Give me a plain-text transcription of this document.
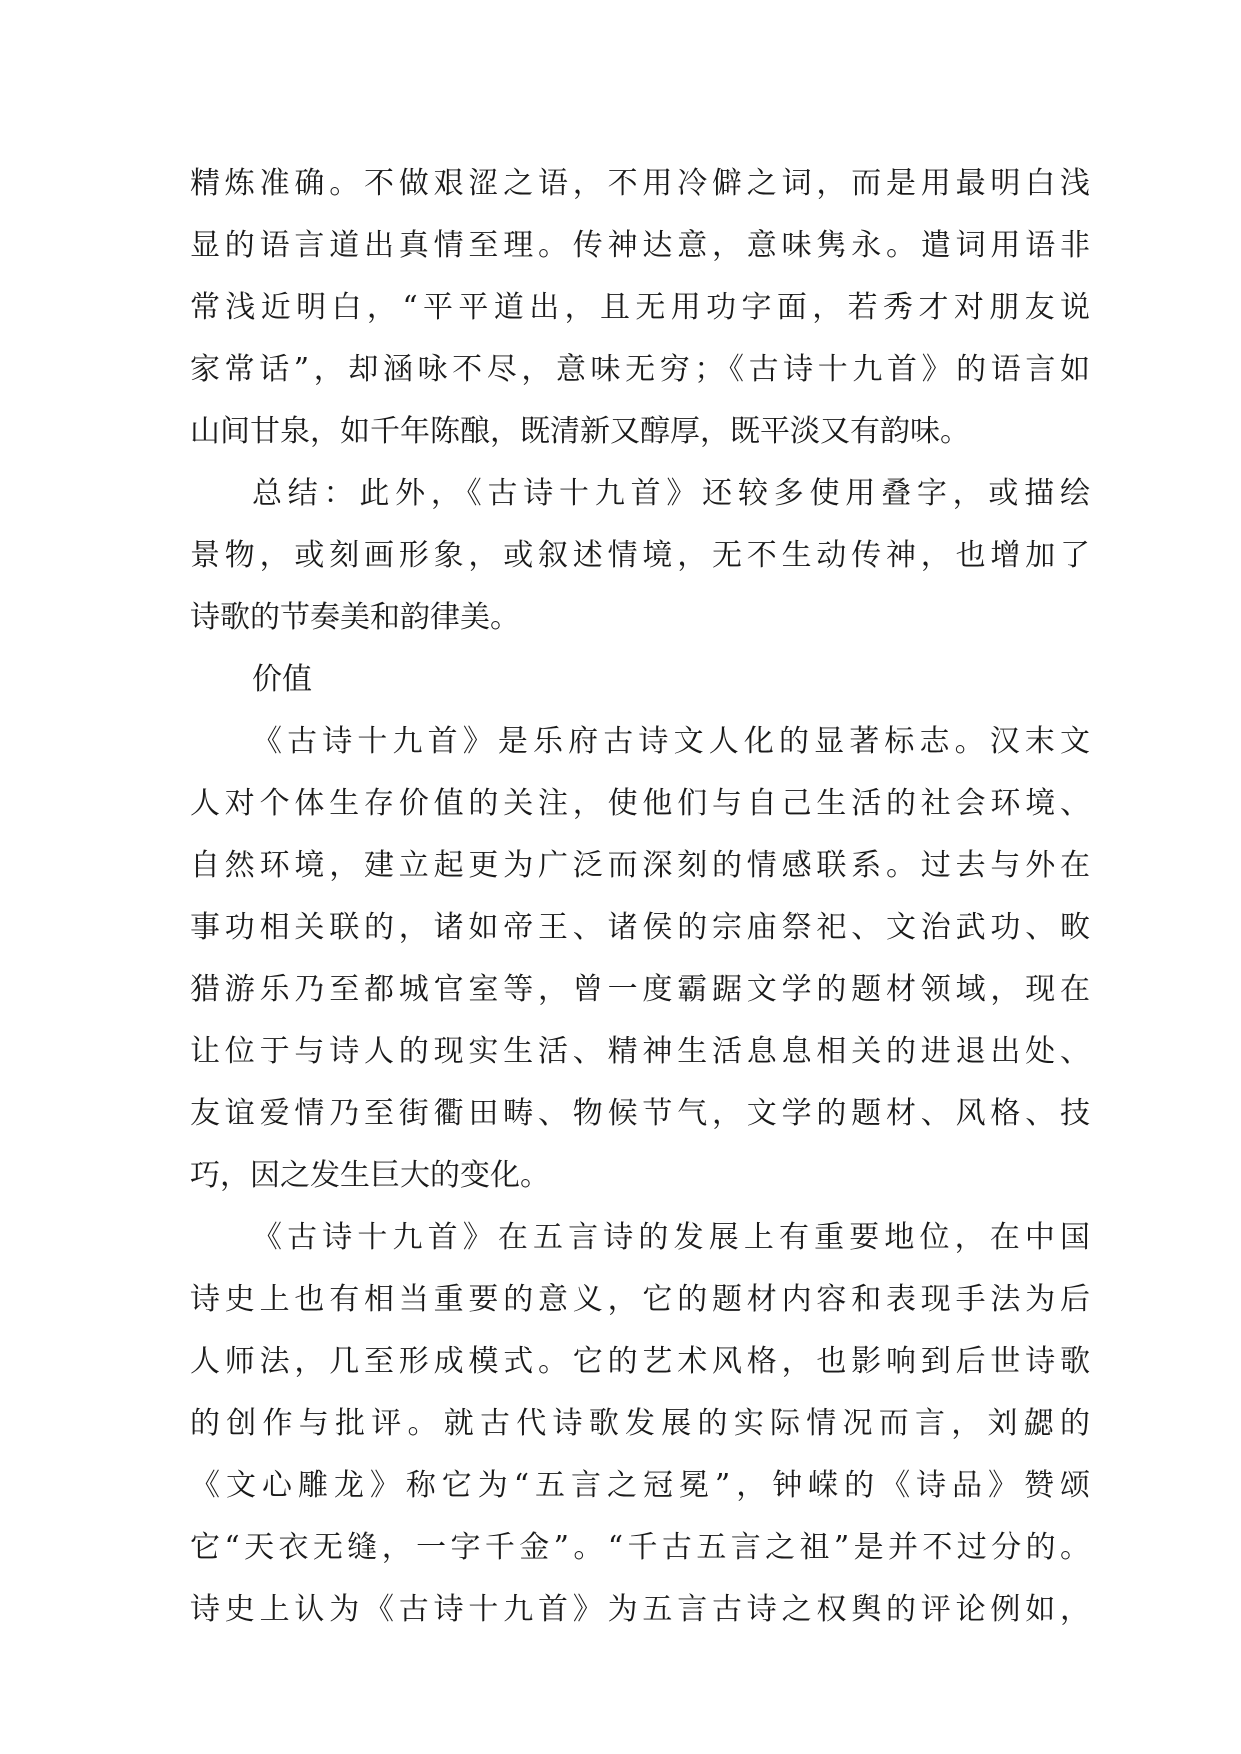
精炼准确。不做艰涩之语，不用冷僻之词，而是用最明白浅
显的语言道出真情至理。传神达意，意味隽永。遣词用语非
常浅近明白，“平平道出，且无用功字面，若秀才对朋友说
家常话”，却涵咏不尽，意味无穷；《古诗十九首》的语言如
山间甘泉，如千年陈酿，既清新又醇厚，既平淡又有韵味。
总结：此外，《古诗十九首》还较多使用叠字，或描绘
景物，或刻画形象，或叙述情境，无不生动传神，也增加了
诗歌的节奏美和韵律美。
价值
《古诗十九首》是乐府古诗文人化的显著标志。汉末文
人对个体生存价值的关注，使他们与自己生活的社会环境、
自然环境，建立起更为广泛而深刻的情感联系。过去与外在
事功相关联的，诸如帝王、诸侯的宗庙祭祀、文治武功、畋
猎游乐乃至都城官室等，曾一度霸踞文学的题材领域，现在
让位于与诗人的现实生活、精神生活息息相关的进退出处、
友谊爱情乃至街衢田畴、物候节气，文学的题材、风格、技
巧，因之发生巨大的变化。
《古诗十九首》在五言诗的发展上有重要地位，在中国
诗史上也有相当重要的意义，它的题材内容和表现手法为后
人师法，几至形成模式。它的艺术风格，也影响到后世诗歌
的创作与批评。就古代诗歌发展的实际情况而言，刘勰的
《文心雕龙》称它为“五言之冠冕”，钟嵘的《诗品》赞颂
它“天衣无缝，一字千金”。“千古五言之祖”是并不过分的。
诗史上认为《古诗十九首》为五言古诗之权舆的评论例如，
